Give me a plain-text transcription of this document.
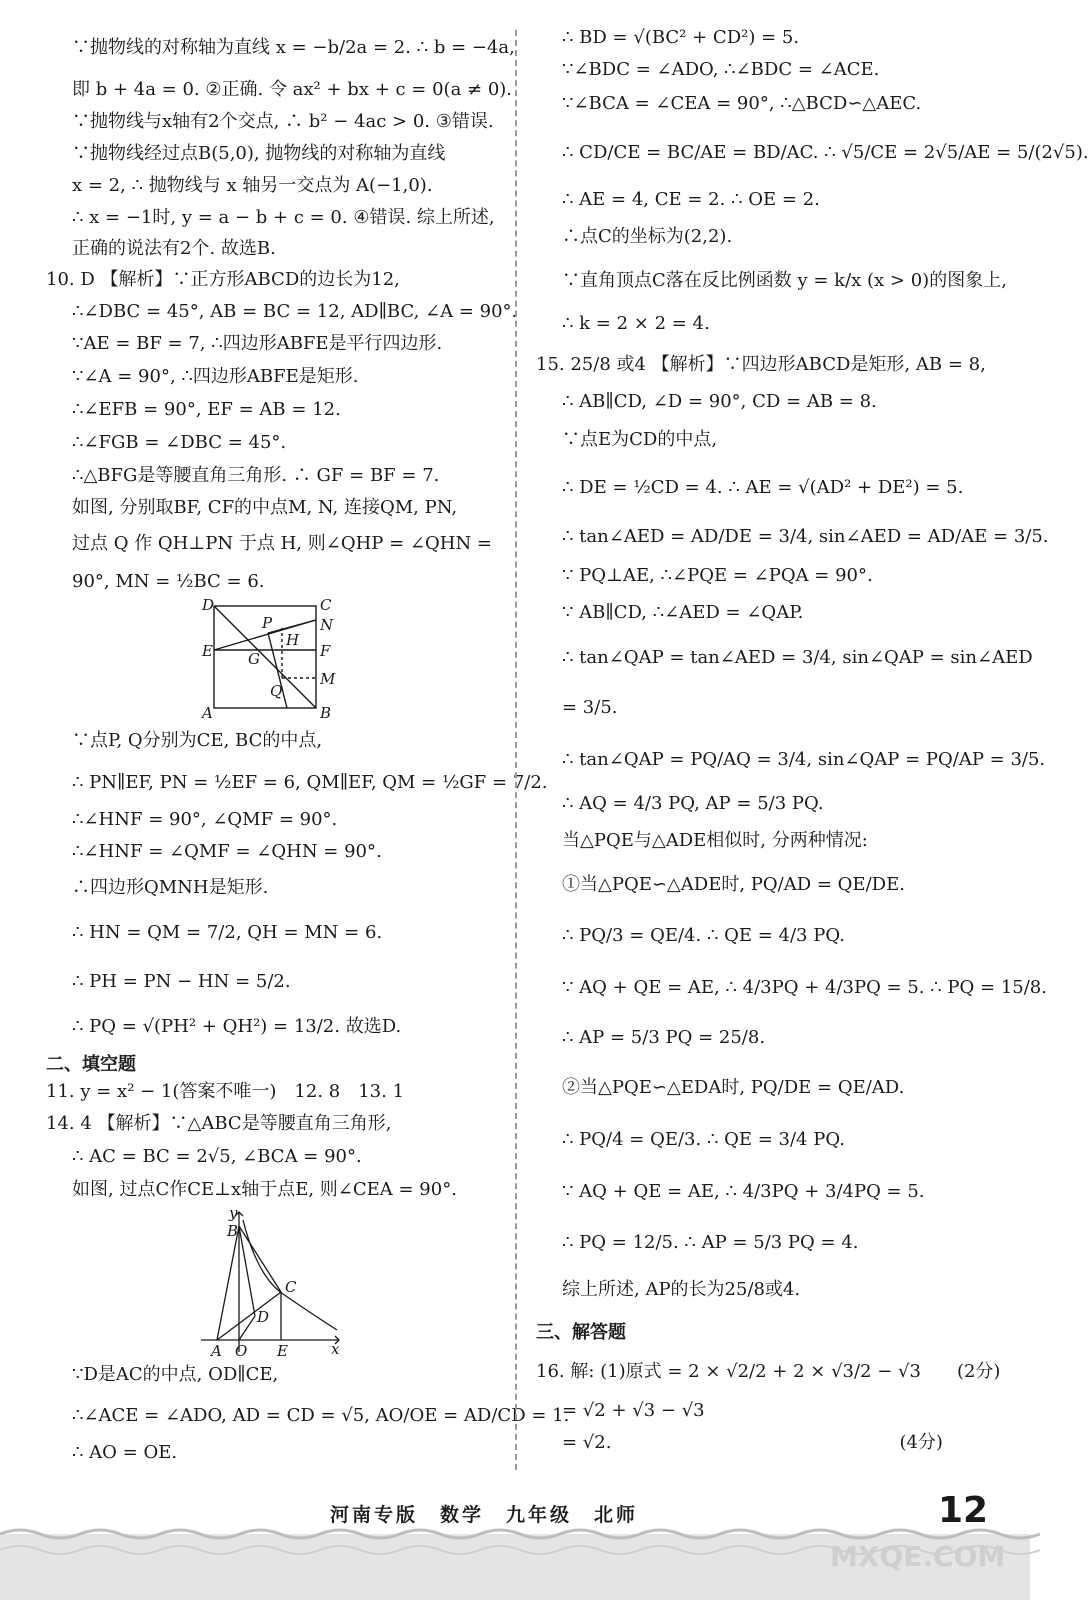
∵抛物线的对称轴为直线 x = −b/2a = 2. ∴ b = −4a,

即 b + 4a = 0. ②正确. 令 ax² + bx + c = 0(a ≠ 0).

∵抛物线与x轴有2个交点, ∴ b² − 4ac > 0. ③错误.

∵抛物线经过点B(5,0), 抛物线的对称轴为直线

x = 2, ∴ 抛物线与 x 轴另一交点为 A(−1,0).

∴ x = −1时, y = a − b + c = 0. ④错误. 综上所述,

正确的说法有2个. 故选B.

10. D 【解析】∵正方形ABCD的边长为12,

∴∠DBC = 45°, AB = BC = 12, AD∥BC, ∠A = 90°.

∵AE = BF = 7, ∴四边形ABFE是平行四边形.

∵∠A = 90°, ∴四边形ABFE是矩形.

∴∠EFB = 90°, EF = AB = 12.

∴∠FGB = ∠DBC = 45°.

∴△BFG是等腰直角三角形. ∴ GF = BF = 7.

如图, 分别取BF, CF的中点M, N, 连接QM, PN,

过点 Q 作 QH⊥PN 于点 H, 则∠QHP = ∠QHN =

90°, MN = ½BC = 6.

D	C
P	N
H
E G	F
M
Q
A	B

∵点P, Q分别为CE, BC的中点,

∴ PN∥EF, PN = ½EF = 6, QM∥EF, QM = ½GF = 7/2.

∴∠HNF = 90°, ∠QMF = 90°.

∴∠HNF = ∠QMF = ∠QHN = 90°.

∴四边形QMNH是矩形.

∴ HN = QM = 7/2, QH = MN = 6.

∴ PH = PN − HN = 5/2.

∴ PQ = √(PH² + QH²) = 13/2. 故选D.

二、填空题

11. y = x² − 1(答案不唯一)　12. 8　13. 1

14. 4 【解析】∵△ABC是等腰直角三角形,

∴ AC = BC = 2√5, ∠BCA = 90°.

如图, 过点C作CE⊥x轴于点E, 则∠CEA = 90°.

y
B
C
D
A O E	x

∵D是AC的中点, OD∥CE,

∴∠ACE = ∠ADO, AD = CD = √5, AO/OE = AD/CD = 1.

∴ AO = OE.

∴ BD = √(BC² + CD²) = 5.

∵∠BDC = ∠ADO, ∴∠BDC = ∠ACE.

∵∠BCA = ∠CEA = 90°, ∴△BCD∽△AEC.

∴ CD/CE = BC/AE = BD/AC. ∴ √5/CE = 2√5/AE = 5/(2√5).

∴ AE = 4, CE = 2. ∴ OE = 2.

∴点C的坐标为(2,2).

∵直角顶点C落在反比例函数 y = k/x (x > 0)的图象上,

∴ k = 2 × 2 = 4.

15. 25/8 或4 【解析】∵四边形ABCD是矩形, AB = 8,

∴ AB∥CD, ∠D = 90°, CD = AB = 8.

∵点E为CD的中点,

∴ DE = ½CD = 4. ∴ AE = √(AD² + DE²) = 5.

∴ tan∠AED = AD/DE = 3/4, sin∠AED = AD/AE = 3/5.

∵ PQ⊥AE, ∴∠PQE = ∠PQA = 90°.

∵ AB∥CD, ∴∠AED = ∠QAP.

∴ tan∠QAP = tan∠AED = 3/4, sin∠QAP = sin∠AED

= 3/5.

∴ tan∠QAP = PQ/AQ = 3/4, sin∠QAP = PQ/AP = 3/5.

∴ AQ = 4/3 PQ, AP = 5/3 PQ.

当△PQE与△ADE相似时, 分两种情况:

①当△PQE∽△ADE时, PQ/AD = QE/DE.

∴ PQ/3 = QE/4. ∴ QE = 4/3 PQ.

∵ AQ + QE = AE, ∴ 4/3PQ + 4/3PQ = 5. ∴ PQ = 15/8.

∴ AP = 5/3 PQ = 25/8.

②当△PQE∽△EDA时, PQ/DE = QE/AD.

∴ PQ/4 = QE/3. ∴ QE = 3/4 PQ.

∵ AQ + QE = AE, ∴ 4/3PQ + 3/4PQ = 5.

∴ PQ = 12/5. ∴ AP = 5/3 PQ = 4.

综上所述, AP的长为25/8或4.

三、解答题

16. 解: (1)原式 = 2 × √2/2 + 2 × √3/2 − √3　　(2分)

= √2 + √3 − √3

= √2.　　　　　　　　　　　　　　　　(4分)

河南专版　数学　九年级　北师	12
MXQE.COM
